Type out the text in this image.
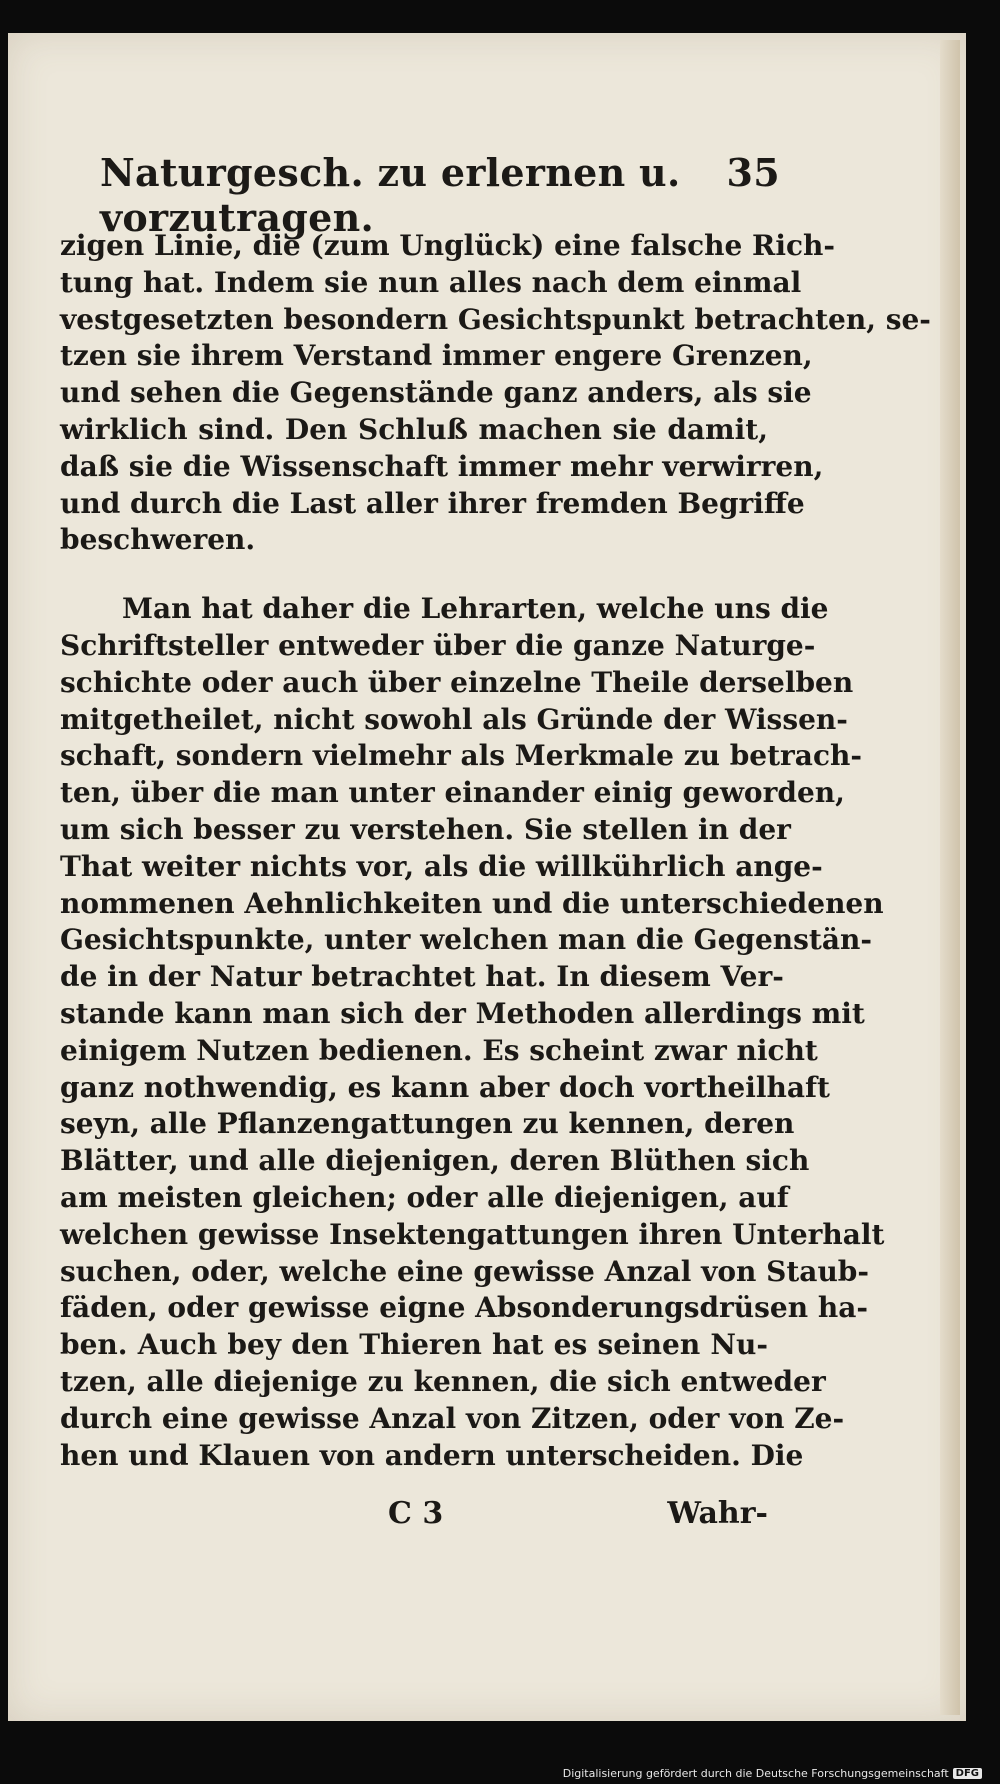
Naturgesch. zu erlernen u. vorzutragen.
35
zigen Linie, die (zum Unglück) eine falsche Rich-
tung hat. Indem sie nun alles nach dem einmal
vestgesetzten besondern Gesichtspunkt betrachten, se-
tzen sie ihrem Verstand immer engere Grenzen,
und sehen die Gegenstände ganz anders, als sie
wirklich sind. Den Schluß machen sie damit,
daß sie die Wissenschaft immer mehr verwirren,
und durch die Last aller ihrer fremden Begriffe
beschweren.
Man hat daher die Lehrarten, welche uns die
Schriftsteller entweder über die ganze Naturge-
schichte oder auch über einzelne Theile derselben
mitgetheilet, nicht sowohl als Gründe der Wissen-
schaft, sondern vielmehr als Merkmale zu betrach-
ten, über die man unter einander einig geworden,
um sich besser zu verstehen. Sie stellen in der
That weiter nichts vor, als die willkührlich ange-
nommenen Aehnlichkeiten und die unterschiedenen
Gesichtspunkte, unter welchen man die Gegenstän-
de in der Natur betrachtet hat. In diesem Ver-
stande kann man sich der Methoden allerdings mit
einigem Nutzen bedienen. Es scheint zwar nicht
ganz nothwendig, es kann aber doch vortheilhaft
seyn, alle Pflanzengattungen zu kennen, deren
Blätter, und alle diejenigen, deren Blüthen sich
am meisten gleichen; oder alle diejenigen, auf
welchen gewisse Insektengattungen ihren Unterhalt
suchen, oder, welche eine gewisse Anzal von Staub-
fäden, oder gewisse eigne Absonderungsdrüsen ha-
ben. Auch bey den Thieren hat es seinen Nu-
tzen, alle diejenige zu kennen, die sich entweder
durch eine gewisse Anzal von Zitzen, oder von Ze-
hen und Klauen von andern unterscheiden. Die
C 3	Wahr-
Digitalisierung gefördert durch die Deutsche Forschungsgemeinschaft DFG
